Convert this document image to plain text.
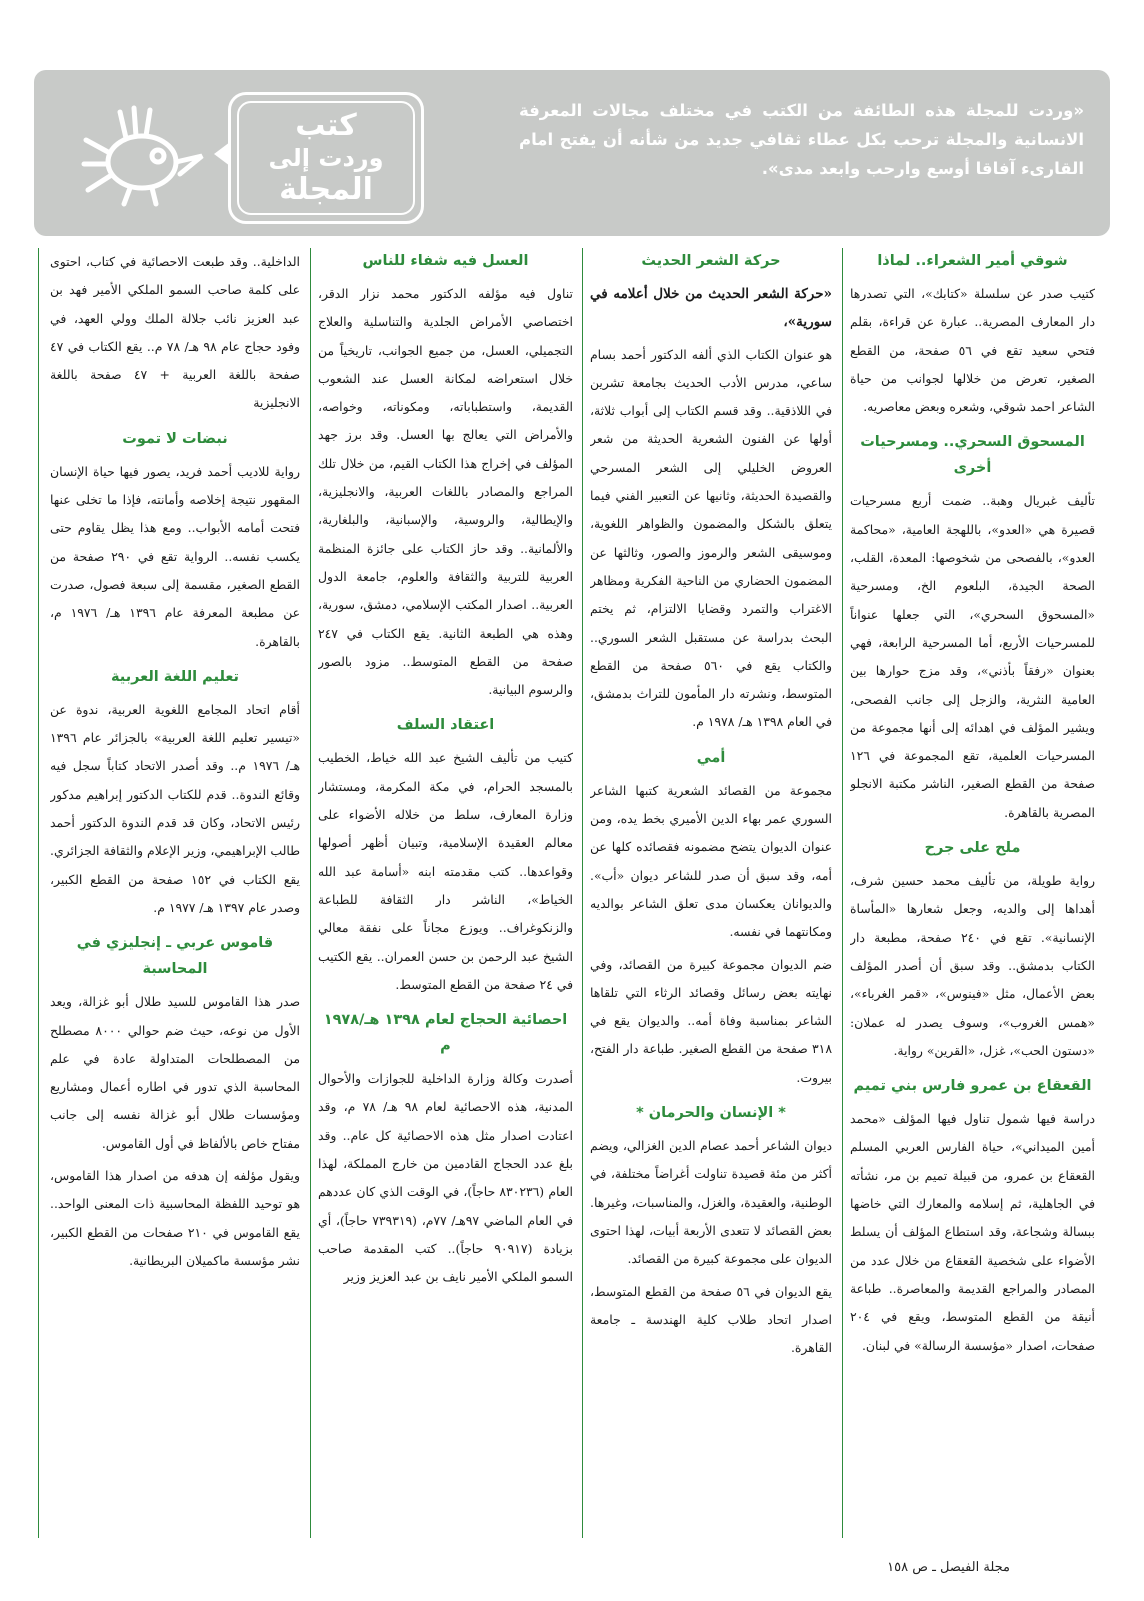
كتب
وردت إلى
المجلة
«وردت للمجلة هذه الطائفة من الكتب في مختلف مجالات المعرفة الانسانية والمجلة ترحب بكل عطاء ثقافي جديد من شأنه أن يفتح امام القارىء آفاقا أوسع وارحب وابعد مدى».
شوقي أمير الشعراء.. لماذا

كتيب صدر عن سلسلة «كتابك»، التي تصدرها دار المعارف المصرية.. عبارة عن قراءة، بقلم فتحي سعيد تقع في ٥٦ صفحة، من القطع الصغير، تعرض من خلالها لجوانب من حياة الشاعر احمد شوقي، وشعره وبعض معاصريه.

المسحوق السحري.. ومسرحيات أخرى

تأليف غبريال وهبة.. ضمت أربع مسرحيات قصيرة هي «العدو»، باللهجة العامية، «محاكمة العدو»، بالفصحى من شخوصها: المعدة، القلب، الصحة الجيدة، البلعوم الخ، ومسرحية «المسحوق السحري»، التي جعلها عنواناً للمسرحيات الأربع، أما المسرحية الرابعة، فهي بعنوان «رفقاً بأذني»، وقد مزج حوارها بين العامية النثرية، والزجل إلى جانب الفصحى، ويشير المؤلف في اهدائه إلى أنها مجموعة من المسرحيات العلمية، تقع المجموعة في ١٢٦ صفحة من القطع الصغير، الناشر مكتبة الانجلو المصرية بالقاهرة.

ملح على جرح

رواية طويلة، من تأليف محمد حسين شرف، أهداها إلى والديه، وجعل شعارها «المأساة الإنسانية». تقع في ٢٤٠ صفحة، مطبعة دار الكتاب بدمشق.. وقد سبق أن أصدر المؤلف بعض الأعمال، مثل «فينوس»، «قمر الغرباء»، «همس الغروب»، وسوف يصدر له عملان: «دستون الحب»، غزل، «القرين» رواية.

القعقاع بن عمرو فارس بني تميم

دراسة فيها شمول تناول فيها المؤلف «محمد أمين الميداني»، حياة الفارس العربي المسلم القعقاع بن عمرو، من قبيلة تميم بن مر، نشأته في الجاهلية، ثم إسلامه والمعارك التي خاضها ببسالة وشجاعة، وقد استطاع المؤلف أن يسلط الأضواء على شخصية القعقاع من خلال عدد من المصادر والمراجع القديمة والمعاصرة.. طباعة أنيقة من القطع المتوسط، ويقع في ٢٠٤ صفحات، اصدار «مؤسسة الرسالة» في لبنان.

حركة الشعر الحديث

«حركة الشعر الحديث من خلال أعلامه في سورية»،

هو عنوان الكتاب الذي ألفه الدكتور أحمد بسام ساعي، مدرس الأدب الحديث بجامعة تشرين في اللاذقية.. وقد قسم الكتاب إلى أبواب ثلاثة، أولها عن الفنون الشعرية الحديثة من شعر العروض الخليلي إلى الشعر المسرحي والقصيدة الحديثة، وثانيها عن التعبير الفني فيما يتعلق بالشكل والمضمون والظواهر اللغوية، وموسيقى الشعر والرموز والصور، وثالثها عن المضمون الحضاري من الناحية الفكرية ومظاهر الاغتراب والتمرد وقضايا الالتزام، ثم يختم البحث بدراسة عن مستقبل الشعر السوري.. والكتاب يقع في ٥٦٠ صفحة من القطع المتوسط، ونشرته دار المأمون للتراث بدمشق، في العام ١٣٩٨ هـ/ ١٩٧٨ م.

أمي

مجموعة من القصائد الشعرية كتبها الشاعر السوري عمر بهاء الدين الأميري بخط يده، ومن عنوان الديوان يتضح مضمونه فقصائده كلها عن أمه، وقد سبق أن صدر للشاعر ديوان «أب». والديوانان يعكسان مدى تعلق الشاعر بوالديه ومكانتهما في نفسه.

ضم الديوان مجموعة كبيرة من القصائد، وفي نهايته بعض رسائل وقصائد الرثاء التي تلقاها الشاعر بمناسبة وفاة أمه.. والديوان يقع في ٣١٨ صفحة من القطع الصغير. طباعة دار الفتح، بيروت.

* الإنسان والحرمان *

ديوان الشاعر أحمد عصام الدين الغزالي، ويضم أكثر من مئة قصيدة تناولت أغراضاً مختلفة، في الوطنية، والعقيدة، والغزل، والمناسبات، وغيرها. بعض القصائد لا تتعدى الأربعة أبيات، لهذا احتوى الديوان على مجموعة كبيرة من القصائد.

يقع الديوان في ٥٦ صفحة من القطع المتوسط، اصدار اتحاد طلاب كلية الهندسة ـ جامعة القاهرة.

العسل فيه شفاء للناس

تناول فيه مؤلفه الدكتور محمد نزار الدقر، اختصاصي الأمراض الجلدية والتناسلية والعلاج التجميلي، العسل، من جميع الجوانب، تاريخياً من خلال استعراضه لمكانة العسل عند الشعوب القديمة، واستطباباته، ومكوناته، وخواصه، والأمراض التي يعالج بها العسل. وقد برز جهد المؤلف في إخراج هذا الكتاب القيم، من خلال تلك المراجع والمصادر باللغات العربية، والانجليزية، والإيطالية، والروسية، والإسبانية، والبلغارية، والألمانية.. وقد حاز الكتاب على جائزة المنظمة العربية للتربية والثقافة والعلوم، جامعة الدول العربية.. اصدار المكتب الإسلامي، دمشق، سورية، وهذه هي الطبعة الثانية. يقع الكتاب في ٢٤٧ صفحة من القطع المتوسط.. مزود بالصور والرسوم البيانية.

اعتقاد السلف

كتيب من تأليف الشيخ عبد الله خياط، الخطيب بالمسجد الحرام، في مكة المكرمة، ومستشار وزارة المعارف، سلط من خلاله الأضواء على معالم العقيدة الإسلامية، وتبيان أظهر أصولها وقواعدها.. كتب مقدمته ابنه «أسامة عبد الله الخياط»، الناشر دار الثقافة للطباعة والزنكوغراف.. ويوزع مجاناً على نفقة معالي الشيخ عبد الرحمن بن حسن العمران.. يقع الكتيب في ٢٤ صفحة من القطع المتوسط.

احصائية الحجاج لعام ١٣٩٨ هـ/١٩٧٨ م

أصدرت وكالة وزارة الداخلية للجوازات والأحوال المدنية، هذه الاحصائية لعام ٩٨ هـ/ ٧٨ م، وقد اعتادت اصدار مثل هذه الاحصائية كل عام.. وقد بلغ عدد الحجاج القادمين من خارج المملكة، لهذا العام (٨٣٠٢٣٦ حاجاً)، في الوقت الذي كان عددهم في العام الماضي ٩٧هـ/ ٧٧م، (٧٣٩٣١٩ حاجاً)، أي بزيادة (٩٠٩١٧ حاجاً).. كتب المقدمة صاحب السمو الملكي الأمير نايف بن عبد العزيز وزير

الداخلية.. وقد طبعت الاحصائية في كتاب، احتوى على كلمة صاحب السمو الملكي الأمير فهد بن عبد العزيز نائب جلالة الملك وولي العهد، في وفود حجاج عام ٩٨ هـ/ ٧٨ م.. يقع الكتاب في ٤٧ صفحة باللغة العربية + ٤٧ صفحة باللغة الانجليزية

نبضات لا تموت

رواية للاديب أحمد فريد، يصور فيها حياة الإنسان المقهور نتيجة إخلاصه وأمانته، فإذا ما تخلى عنها فتحت أمامه الأبواب.. ومع هذا يظل يقاوم حتى يكسب نفسه.. الرواية تقع في ٢٩٠ صفحة من القطع الصغير، مقسمة إلى سبعة فصول، صدرت عن مطبعة المعرفة عام ١٣٩٦ هـ/ ١٩٧٦ م، بالقاهرة.

تعليم اللغة العربية

أقام اتحاد المجامع اللغوية العربية، ندوة عن «تيسير تعليم اللغة العربية» بالجزائر عام ١٣٩٦ هـ/ ١٩٧٦ م.. وقد أصدر الاتحاد كتاباً سجل فيه وقائع الندوة.. قدم للكتاب الدكتور إبراهيم مدكور رئيس الاتحاد، وكان قد قدم الندوة الدكتور أحمد طالب الإبراهيمي، وزير الإعلام والثقافة الجزائري. يقع الكتاب في ١٥٢ صفحة من القطع الكبير، وصدر عام ١٣٩٧ هـ/ ١٩٧٧ م.

قاموس عربي ـ إنجليزي في المحاسبة

صدر هذا القاموس للسيد طلال أبو غزالة، ويعد الأول من نوعه، حيث ضم حوالي ٨٠٠٠ مصطلح من المصطلحات المتداولة عادة في علم المحاسبة الذي تدور في اطاره أعمال ومشاريع ومؤسسات طلال أبو غزالة نفسه إلى جانب مفتاح خاص بالألفاظ في أول القاموس.

ويقول مؤلفه إن هدفه من اصدار هذا القاموس، هو توحيد اللفظة المحاسبية ذات المعنى الواحد.. يقع القاموس في ٢١٠ صفحات من القطع الكبير، نشر مؤسسة ماكميلان البريطانية.

مجلة الفيصل ـ ص ١٥٨
